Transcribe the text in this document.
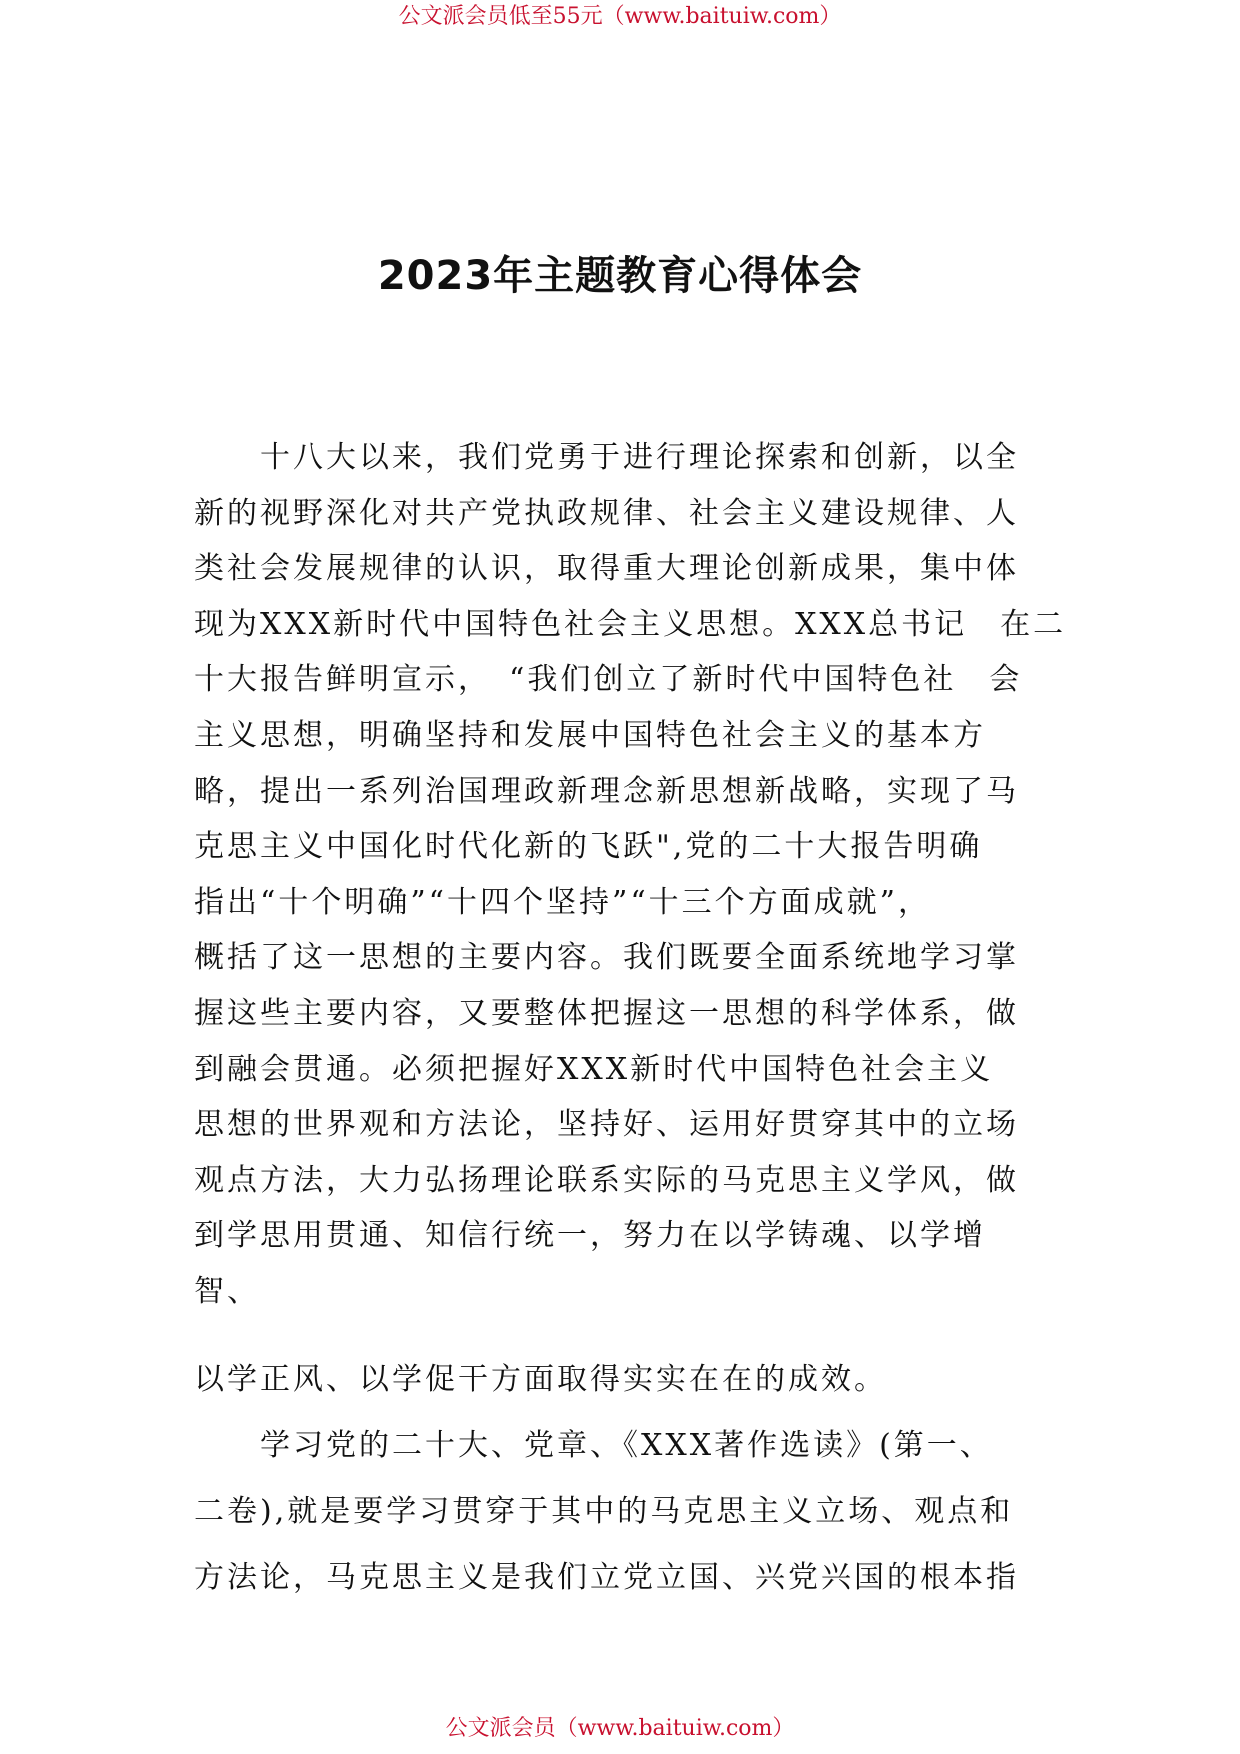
公文派会员低至55元（www.baituiw.com）
2023年主题教育心得体会
　　十八大以来，我们党勇于进行理论探索和创新，以全
新的视野深化对共产党执政规律、社会主义建设规律、人
类社会发展规律的认识，取得重大理论创新成果，集中体
现为XXX新时代中国特色社会主义思想。XXX总书记　在二
十大报告鲜明宣示，　“我们创立了新时代中国特色社　会
主义思想，明确坚持和发展中国特色社会主义的基本方
略，提出一系列治国理政新理念新思想新战略，实现了马
克思主义中国化时代化新的飞跃",党的二十大报告明确
指出“十个明确”“十四个坚持”“十三个方面成就”，
概括了这一思想的主要内容。我们既要全面系统地学习掌
握这些主要内容，又要整体把握这一思想的科学体系，做
到融会贯通。必须把握好XXX新时代中国特色社会主义
思想的世界观和方法论，坚持好、运用好贯穿其中的立场
观点方法，大力弘扬理论联系实际的马克思主义学风，做
到学思用贯通、知信行统一，努力在以学铸魂、以学增
智、
以学正风、以学促干方面取得实实在在的成效。
　　学习党的二十大、党章、《XXX著作选读》(第一、
二卷),就是要学习贯穿于其中的马克思主义立场、观点和
方法论，马克思主义是我们立党立国、兴党兴国的根本指
公文派会员（www.baituiw.com）
